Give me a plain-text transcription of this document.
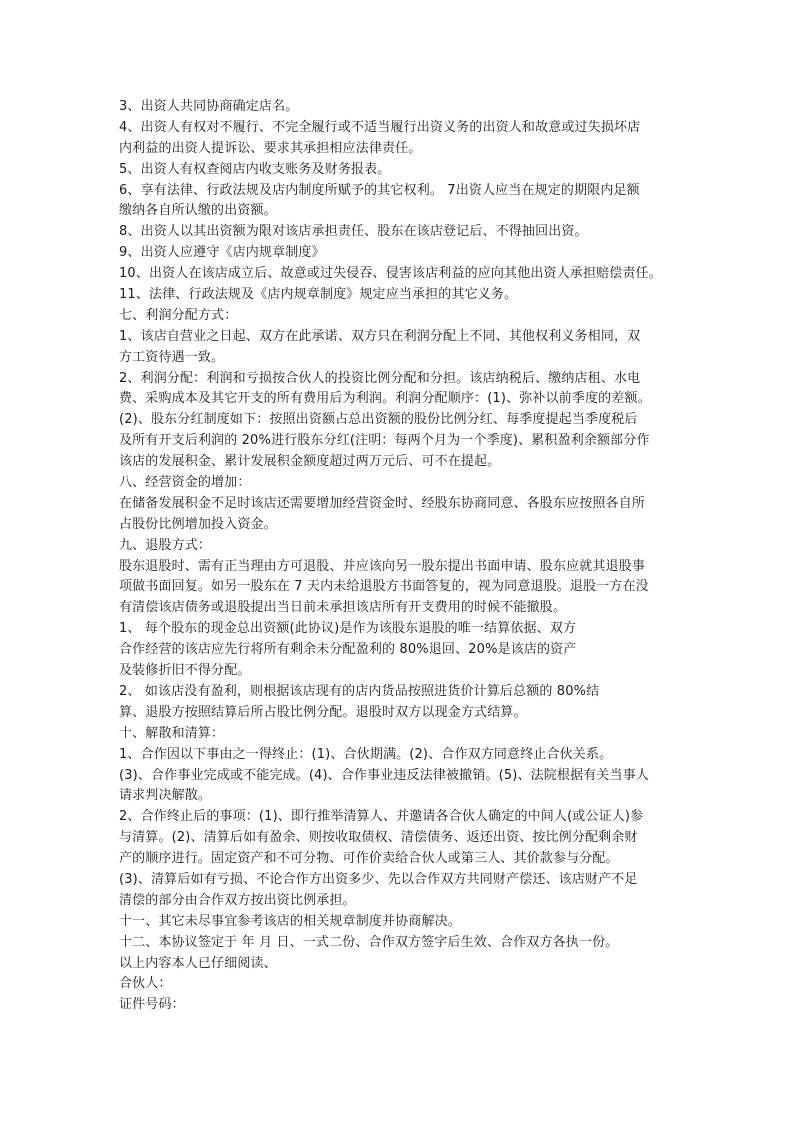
3、出资人共同协商确定店名。
4、出资人有权对不履行、不完全履行或不适当履行出资义务的出资人和故意或过失损坏店
内利益的出资人提诉讼、要求其承担相应法律责任。
5、出资人有权查阅店内收支账务及财务报表。
6、享有法律、行政法规及店内制度所赋予的其它权利。 7出资人应当在规定的期限内足额
缴纳各自所认缴的出资额。
8、出资人以其出资额为限对该店承担责任、股东在该店登记后、不得抽回出资。
9、出资人应遵守《店内规章制度》
10、出资人在该店成立后、故意或过失侵吞、侵害该店利益的应向其他出资人承担赔偿责任。
11、法律、行政法规及《店内规章制度》规定应当承担的其它义务。
七、利润分配方式：
1、该店自营业之日起、双方在此承诺、双方只在利润分配上不同、其他权利义务相同，双
方工资待遇一致。
2、利润分配：利润和亏损按合伙人的投资比例分配和分担。该店纳税后、缴纳店租、水电
费、采购成本及其它开支的所有费用后为利润。利润分配顺序：(1)、弥补以前季度的差额。
(2)、股东分红制度如下：按照出资额占总出资额的股份比例分红、每季度提起当季度税后
及所有开支后利润的 20%进行股东分红(注明：每两个月为一个季度)、累积盈利余额部分作
该店的发展积金、累计发展积金额度超过两万元后、可不在提起。
八、经营资金的增加：
在储备发展积金不足时该店还需要增加经营资金时、经股东协商同意、各股东应按照各自所
占股份比例增加投入资金。
九、退股方式：
股东退股时、需有正当理由方可退股、并应该向另一股东提出书面申请、股东应就其退股事
项做书面回复。如另一股东在 7 天内未给退股方书面答复的，视为同意退股。退股一方在没
有清偿该店债务或退股提出当日前未承担该店所有开支费用的时候不能撤股。
1、 每个股东的现金总出资额(此协议)是作为该股东退股的唯一结算依据、双方
合作经营的该店应先行将所有剩余未分配盈利的 80%退回、20%是该店的资产
及装修折旧不得分配。
2、 如该店没有盈利，则根据该店现有的店内货品按照进货价计算后总额的 80%结
算、退股方按照结算后所占股比例分配。退股时双方以现金方式结算。
十、解散和清算：
1、合作因以下事由之一得终止：(1)、合伙期满。(2)、合作双方同意终止合伙关系。
(3)、合作事业完成或不能完成。(4)、合作事业违反法律被撤销。(5)、法院根据有关当事人
请求判决解散。
2、合作终止后的事项：(1)、即行推举清算人、并邀请各合伙人确定的中间人(或公证人)参
与清算。(2)、清算后如有盈余、则按收取债权、清偿债务、返还出资、按比例分配剩余财
产的顺序进行。固定资产和不可分物、可作价卖给合伙人或第三人、其价款参与分配。
(3)、清算后如有亏损、不论合作方出资多少、先以合作双方共同财产偿还、该店财产不足
清偿的部分由合作双方按出资比例承担。
十一、其它未尽事宜参考该店的相关规章制度并协商解决。
十二、本协议签定于 年 月 日、一式二份、合作双方签字后生效、合作双方各执一份。
以上内容本人已仔细阅读、
合伙人：
证件号码：
